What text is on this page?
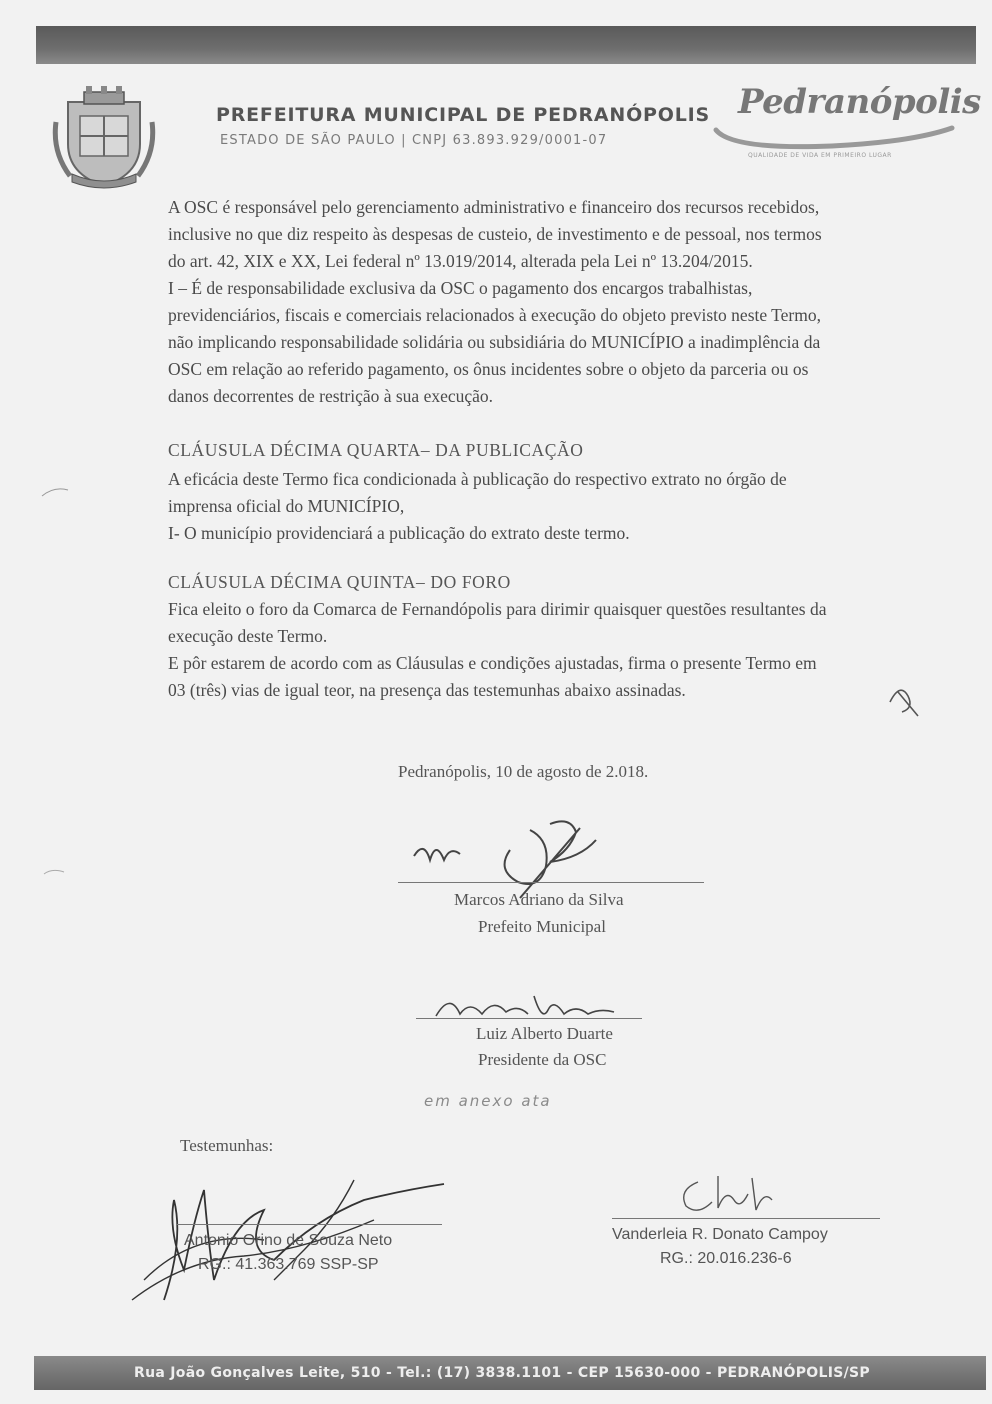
PREFEITURA MUNICIPAL DE PEDRANÓPOLIS
ESTADO DE SÃO PAULO | CNPJ 63.893.929/0001-07
Pedranópolis
QUALIDADE DE VIDA EM PRIMEIRO LUGAR
A OSC é responsável pelo gerenciamento administrativo e financeiro dos recursos recebidos,
inclusive no que diz respeito às despesas de custeio, de investimento e de pessoal, nos termos
do art. 42, XIX e XX, Lei federal nº 13.019/2014, alterada pela Lei nº 13.204/2015.
I – É de responsabilidade exclusiva da OSC o pagamento dos encargos trabalhistas,
previdenciários, fiscais e comerciais relacionados à execução do objeto previsto neste Termo,
não implicando responsabilidade solidária ou subsidiária do MUNICÍPIO a inadimplência da
OSC em relação ao referido pagamento, os ônus incidentes sobre o objeto da parceria ou os
danos decorrentes de restrição à sua execução.
CLÁUSULA DÉCIMA QUARTA– DA PUBLICAÇÃO
A eficácia deste Termo fica condicionada à publicação do respectivo extrato no órgão de
imprensa oficial do MUNICÍPIO,
I- O município providenciará a publicação do extrato deste termo.
CLÁUSULA DÉCIMA QUINTA– DO FORO
Fica eleito o foro da Comarca de Fernandópolis para dirimir quaisquer questões resultantes da
execução deste Termo.
E pôr estarem de acordo com as Cláusulas e condições ajustadas, firma o presente Termo em
03 (três) vias de igual teor, na presença das testemunhas abaixo assinadas.
Pedranópolis, 10 de agosto de 2.018.
Marcos Adriano da Silva
Prefeito Municipal
Luiz Alberto Duarte
Presidente da OSC
em anexo ata
Testemunhas:
Antonio Orino de Souza Neto
RG.: 41.363.769 SSP-SP
Vanderleia R. Donato Campoy
RG.: 20.016.236-6
Rua João Gonçalves Leite, 510 - Tel.: (17) 3838.1101 - CEP 15630-000 - PEDRANÓPOLIS/SP
